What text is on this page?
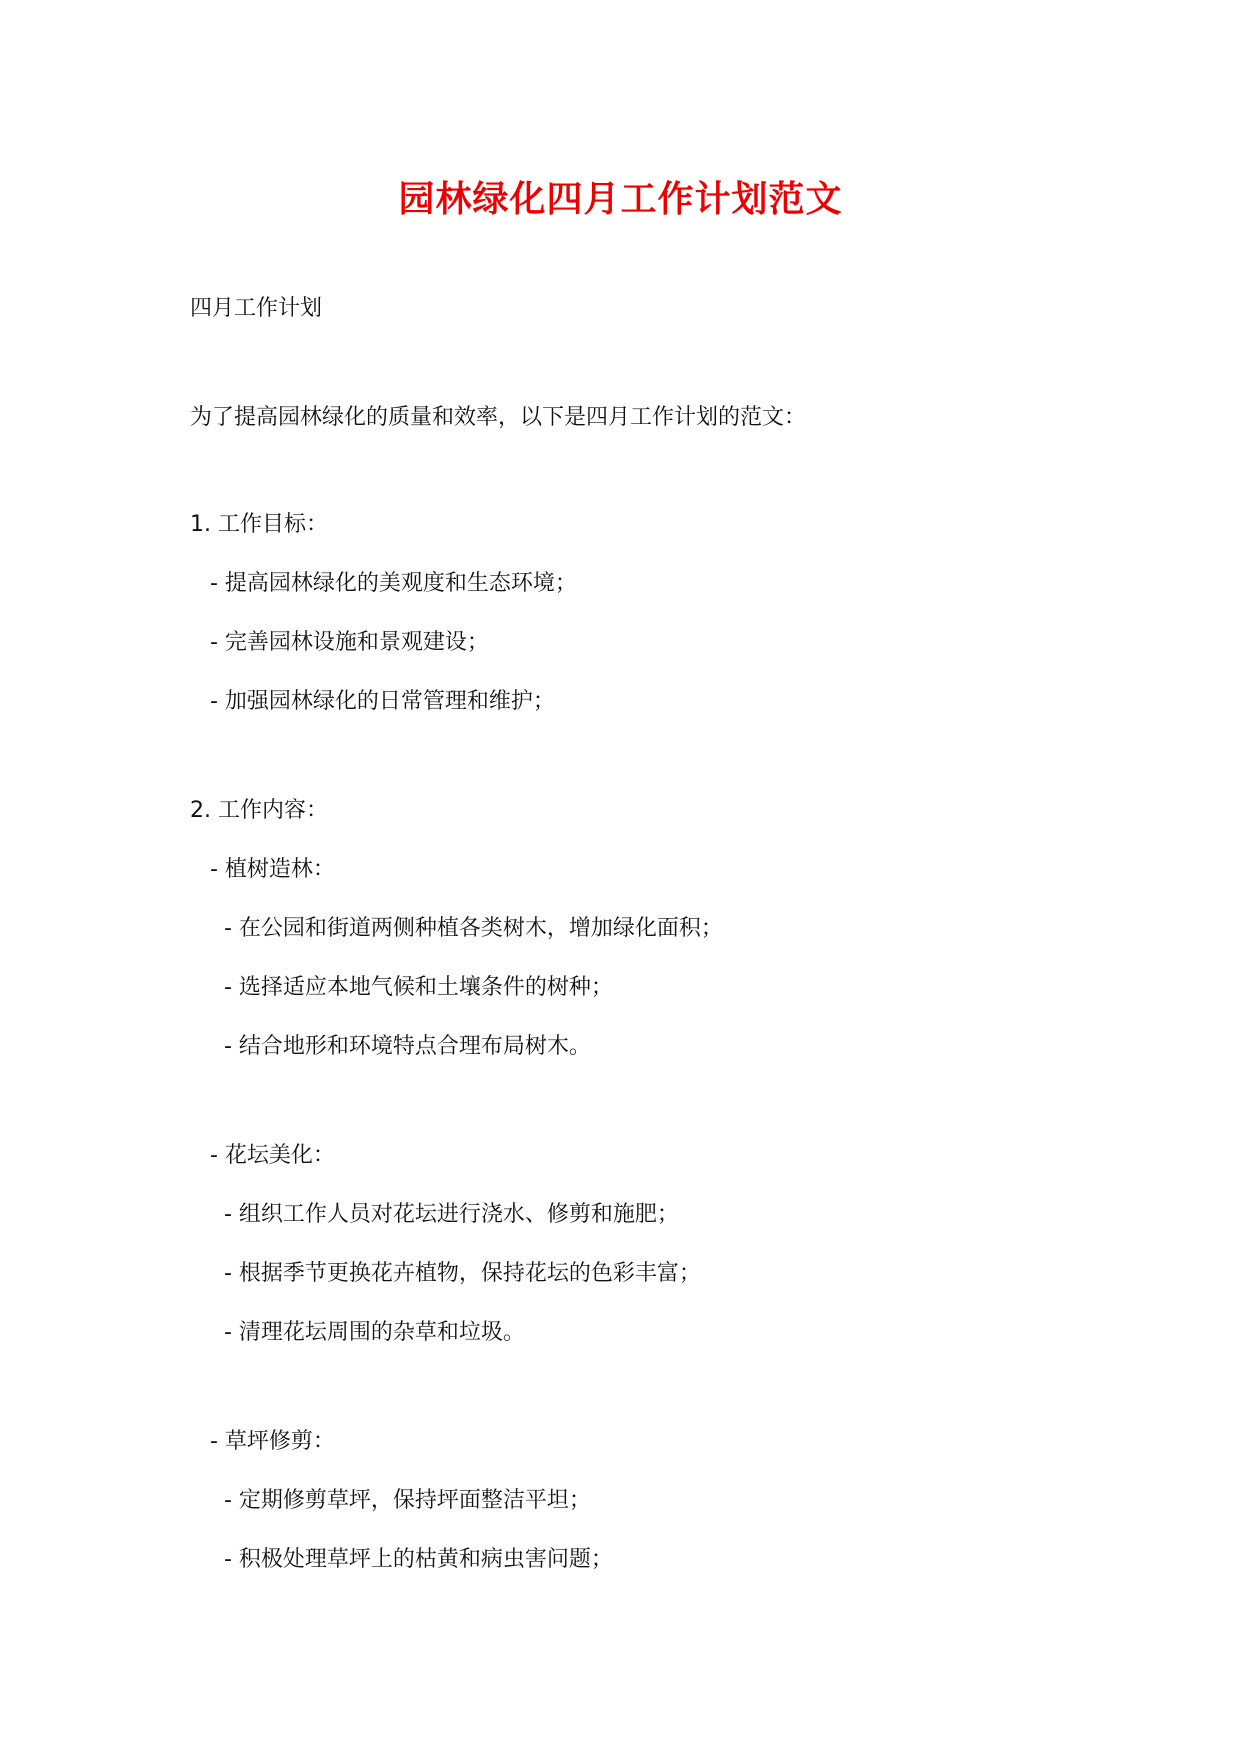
园林绿化四月工作计划范文
四月工作计划
为了提高园林绿化的质量和效率，以下是四月工作计划的范文：
1. 工作目标：
- 提高园林绿化的美观度和生态环境；
- 完善园林设施和景观建设；
- 加强园林绿化的日常管理和维护；
2. 工作内容：
- 植树造林：
- 在公园和街道两侧种植各类树木，增加绿化面积；
- 选择适应本地气候和土壤条件的树种；
- 结合地形和环境特点合理布局树木。
- 花坛美化：
- 组织工作人员对花坛进行浇水、修剪和施肥；
- 根据季节更换花卉植物，保持花坛的色彩丰富；
- 清理花坛周围的杂草和垃圾。
- 草坪修剪：
- 定期修剪草坪，保持坪面整洁平坦；
- 积极处理草坪上的枯黄和病虫害问题；
